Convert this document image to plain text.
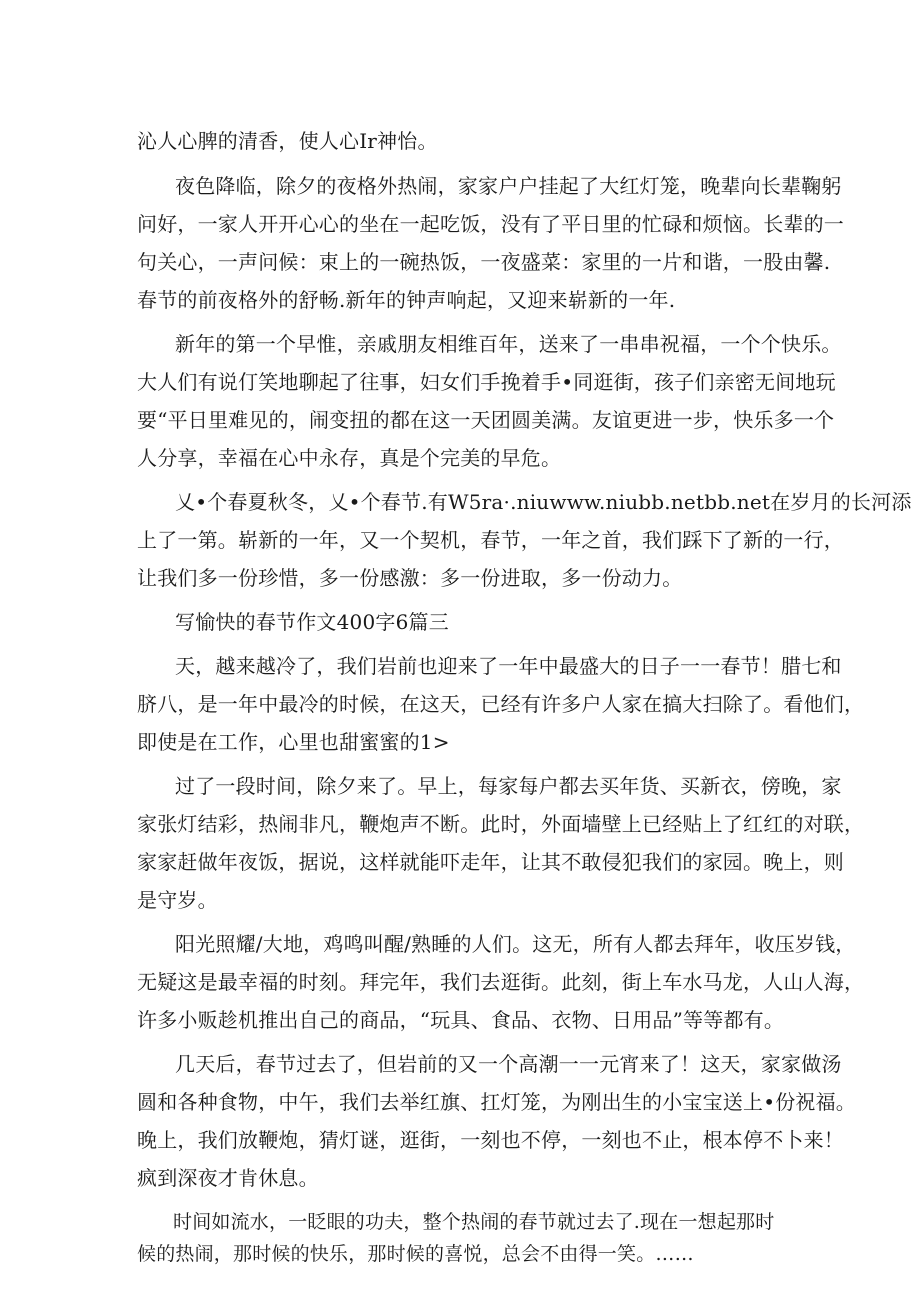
沁人心脾的清香，使人心Ir神怡。
夜色降临，除夕的夜格外热闹，家家户户挂起了大红灯笼，晚辈向长辈鞠躬
问好，一家人开开心心的坐在一起吃饭，没有了平日里的忙碌和烦恼。长辈的一
句关心，一声问候：束上的一碗热饭，一夜盛菜：家里的一片和谐，一股由馨.
春节的前夜格外的舒畅.新年的钟声响起，又迎来崭新的一年.
新年的第一个早惟，亲戚朋友相维百年，送来了一串串祝福，一个个快乐。
大人们有说仃笑地聊起了往事，妇女们手挽着手•同逛街，孩子们亲密无间地玩
要“平日里难见的，闹变扭的都在这一天团圆美满。友谊更进一步，快乐多一个
人分享，幸福在心中永存，真是个完美的早危。
乂•个春夏秋冬，乂•个春节.有W5ra·.niuwww.niubb.netbb.net在岁月的长河添
上了一第。崭新的一年，又一个契机，春节，一年之首，我们踩下了新的一行，
让我们多一份珍惜，多一份感激：多一份进取，多一份动力。
写愉快的春节作文400字6篇三
天，越来越冷了，我们岩前也迎来了一年中最盛大的日子一一春节！腊七和
脐八，是一年中最冷的时候，在这天，已经有许多户人家在搞大扫除了。看他们，
即使是在工作，心里也甜蜜蜜的1>
过了一段时间，除夕来了。早上，每家每户都去买年货、买新衣，傍晚，家
家张灯结彩，热闹非凡，鞭炮声不断。此时，外面墙壁上已经贴上了红红的对联，
家家赶做年夜饭，据说，这样就能吓走年，让其不敢侵犯我们的家园。晚上，则
是守岁。
阳光照耀/大地，鸡鸣叫醒/熟睡的人们。这无，所有人都去拜年，收压岁钱，
无疑这是最幸福的时刻。拜完年，我们去逛街。此刻，街上车水马龙，人山人海，
许多小贩趁机推出自己的商品，“玩具、食品、衣物、日用品”等等都有。
几天后，春节过去了，但岩前的又一个高潮一一元宵来了！这天，家家做汤
圆和各种食物，中午，我们去举红旗、扛灯笼，为刚出生的小宝宝送上•份祝福。
晚上，我们放鞭炮，猜灯谜，逛街，一刻也不停，一刻也不止，根本停不卜来！
疯到深夜才肯休息。
时间如流水，一眨眼的功夫，整个热闹的春节就过去了.现在一想起那时
候的热闹，那时候的快乐，那时候的喜悦，总会不由得一笑。……
